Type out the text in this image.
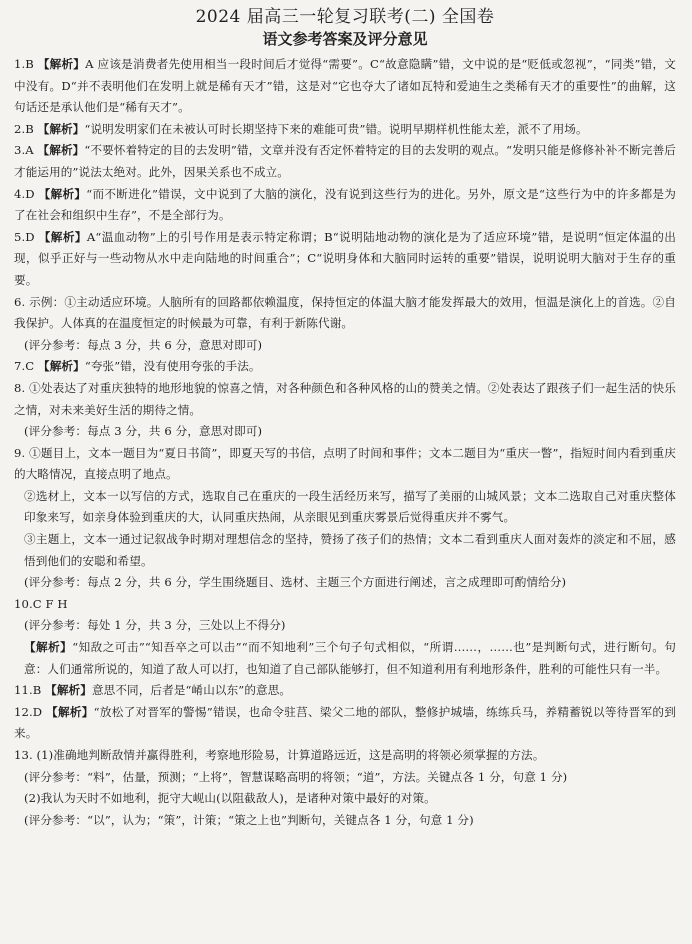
2024 届高三一轮复习联考(二) 全国卷
语文参考答案及评分意见

1.B 【解析】A 应该是消费者先使用相当一段时间后才觉得“需要”。C“故意隐瞒”错，文中说的是“贬低或忽视”，“同类”错，文中没有。D“并不表明他们在发明上就是稀有天才”错，这是对“它也夺大了诸如瓦特和爱迪生之类稀有天才的重要性”的曲解，这句话还是承认他们是“稀有天才”。

2.B 【解析】“说明发明家们在未被认可时长期坚持下来的难能可贵”错。说明早期样机性能太差，派不了用场。

3.A 【解析】“不要怀着特定的目的去发明”错，文章并没有否定怀着特定的目的去发明的观点。“发明只能是修修补补不断完善后才能运用的”说法太绝对。此外，因果关系也不成立。

4.D 【解析】“而不断进化”错误，文中说到了大脑的演化，没有说到这些行为的进化。另外，原文是“这些行为中的许多都是为了在社会和组织中生存”，不是全部行为。

5.D 【解析】A“温血动物”上的引号作用是表示特定称谓；B“说明陆地动物的演化是为了适应环境”错，是说明“恒定体温的出现，似乎正好与一些动物从水中走向陆地的时间重合”；C“说明身体和大脑同时运转的重要”错误，说明说明大脑对于生存的重要。

6. 示例：①主动适应环境。人脑所有的回路都依赖温度，保持恒定的体温大脑才能发挥最大的效用，恒温是演化上的首选。②自我保护。人体真的在温度恒定的时候最为可靠，有利于新陈代谢。

(评分参考：每点 3 分，共 6 分，意思对即可)

7.C 【解析】“夸张”错，没有使用夸张的手法。

8. ①处表达了对重庆独特的地形地貌的惊喜之情，对各种颜色和各种风格的山的赞美之情。②处表达了跟孩子们一起生活的快乐之情，对未来美好生活的期待之情。

(评分参考：每点 3 分，共 6 分，意思对即可)

9. ①题目上，文本一题目为“夏日书简”，即夏天写的书信，点明了时间和事件；文本二题目为“重庆一瞥”，指短时间内看到重庆的大略情况，直接点明了地点。

②选材上，文本一以写信的方式，选取自己在重庆的一段生活经历来写，描写了美丽的山城风景；文本二选取自己对重庆整体印象来写，如亲身体验到重庆的大，认同重庆热闹，从亲眼见到重庆雾景后觉得重庆并不雾气。

③主题上，文本一通过记叙战争时期对理想信念的坚持，赞扬了孩子们的热情；文本二看到重庆人面对轰炸的淡定和不屈，感悟到他们的安聪和希望。

(评分参考：每点 2 分，共 6 分，学生围绕题目、选材、主题三个方面进行阐述，言之成理即可酌情给分)

10.C F H

(评分参考：每处 1 分，共 3 分，三处以上不得分)

【解析】“知敌之可击”“知吾卒之可以击”“而不知地利”三个句子句式相似，“所谓……，……也”是判断句式，进行断句。句意：人们通常所说的，知道了敌人可以打，也知道了自己部队能够打，但不知道利用有利地形条件，胜利的可能性只有一半。

11.B 【解析】意思不同，后者是“崤山以东”的意思。

12.D 【解析】“放松了对晋军的警惕”错误，也命令驻莒、梁父二地的部队，整修护城墙，练练兵马，养精蓄锐以等待晋军的到来。

13. (1)准确地判断敌情并赢得胜利，考察地形险易，计算道路远近，这是高明的将领必须掌握的方法。

(评分参考：“料”，估量，预测；“上将”，智慧谋略高明的将领；“道”，方法。关键点各 1 分，句意 1 分)

(2)我认为天时不如地利，扼守大岘山(以阻截敌人)，是诸种对策中最好的对策。

(评分参考：“以”，认为；“策”，计策；“策之上也”判断句，关键点各 1 分，句意 1 分)
